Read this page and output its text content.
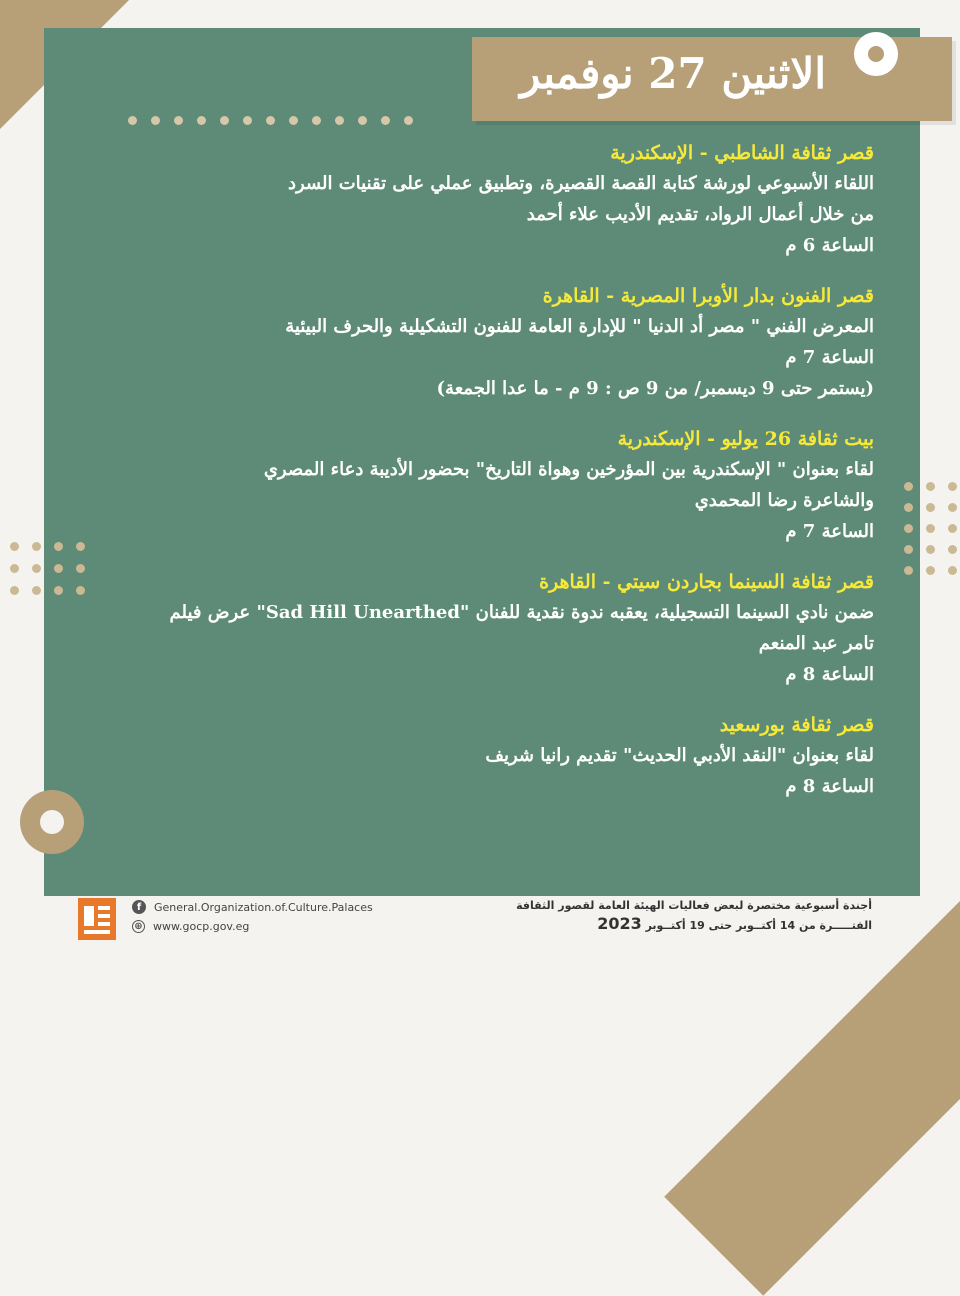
الاثنين 27 نوفمبر
قصر ثقافة الشاطبي - الإسكندرية
اللقاء الأسبوعي لورشة كتابة القصة القصيرة، وتطبيق عملي على تقنيات السرد
من خلال أعمال الرواد، تقديم الأديب علاء أحمد
الساعة 6 م
قصر الفنون بدار الأوبرا المصرية - القاهرة
المعرض الفني " مصر أد الدنيا " للإدارة العامة للفنون التشكيلية والحرف البيئية
الساعة 7 م
(يستمر حتى 9 ديسمبر/ من 9 ص : 9 م - ما عدا الجمعة)
بيت ثقافة 26 يوليو - الإسكندرية
لقاء بعنوان " الإسكندرية بين المؤرخين وهواة التاريخ" بحضور الأديبة دعاء المصري
والشاعرة رضا المحمدي
الساعة 7 م
قصر ثقافة السينما بجاردن سيتي - القاهرة
ضمن نادي السينما التسجيلية، يعقبه ندوة نقدية للفنان "Sad Hill Unearthed" عرض فيلم
تامر عبد المنعم
الساعة 8 م
قصر ثقافة بورسعيد
لقاء بعنوان "النقد الأدبي الحديث" تقديم رانيا شريف
الساعة 8 م
f	General.Organization.of.Culture.Palaces
⊕ www.gocp.gov.eg
أجندة أسبوعية مختصرة لبعض فعاليات الهيئة العامة لقصور الثقافة
الفتـــــرة من 14 أكتــوبر حتى 19 أكتــوبر 2023
